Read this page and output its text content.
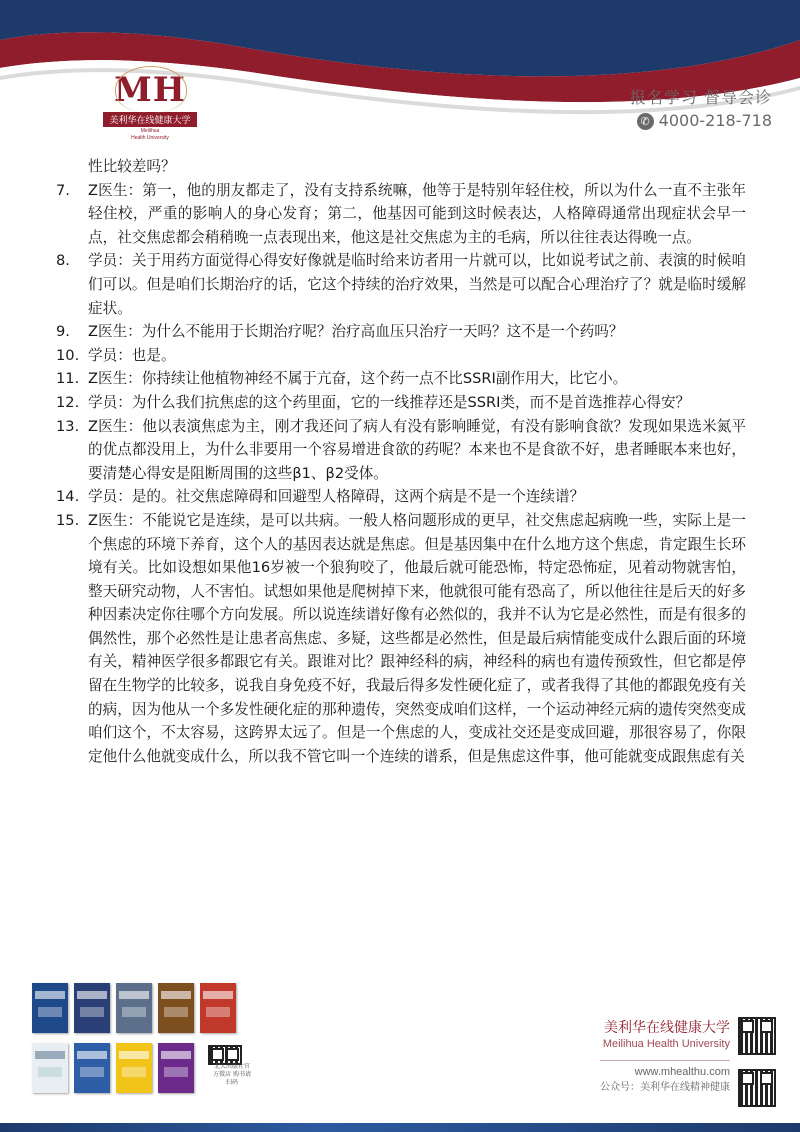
MH
美利华在线健康大学
Meilihua
Health University
报名学习 督导会诊
✆ 4000-218-718
性比较差吗？
7.	Z医生：第一，他的朋友都走了，没有支持系统嘛，他等于是特别年轻住校，所以为什么一直不主张年轻住校，严重的影响人的身心发育；第二，他基因可能到这时候表达，人格障碍通常出现症状会早一点，社交焦虑都会稍稍晚一点表现出来，他这是社交焦虑为主的毛病，所以往往表达得晚一点。
8.	学员：关于用药方面觉得心得安好像就是临时给来访者用一片就可以，比如说考试之前、表演的时候咱们可以。但是咱们长期治疗的话，它这个持续的治疗效果，当然是可以配合心理治疗了？就是临时缓解症状。
9.	Z医生：为什么不能用于长期治疗呢？治疗高血压只治疗一天吗？这不是一个药吗？
10. 学员：也是。
11. Z医生：你持续让他植物神经不属于亢奋，这个药一点不比SSRI副作用大，比它小。
12. 学员：为什么我们抗焦虑的这个药里面，它的一线推荐还是SSRI类，而不是首选推荐心得安？
13. Z医生：他以表演焦虑为主，刚才我还问了病人有没有影响睡觉，有没有影响食欲？发现如果选米氮平的优点都没用上，为什么非要用一个容易增进食欲的药呢？本来也不是食欲不好，患者睡眠本来也好，要清楚心得安是阻断周围的这些β1、β2受体。
14. 学员：是的。社交焦虑障碍和回避型人格障碍，这两个病是不是一个连续谱？
15. Z医生：不能说它是连续，是可以共病。一般人格问题形成的更早，社交焦虑起病晚一些，实际上是一个焦虑的环境下养育，这个人的基因表达就是焦虑。但是基因集中在什么地方这个焦虑，肯定跟生长环境有关。比如设想如果他16岁被一个狼狗咬了，他最后就可能恐怖，特定恐怖症，见着动物就害怕，整天研究动物，人不害怕。试想如果他是爬树掉下来，他就很可能有恐高了，所以他往往是后天的好多种因素决定你往哪个方向发展。所以说连续谱好像有必然似的，我并不认为它是必然性，而是有很多的偶然性，那个必然性是让患者高焦虑、多疑，这些都是必然性，但是最后病情能变成什么跟后面的环境有关，精神医学很多都跟它有关。跟谁对比？跟神经科的病，神经科的病也有遗传预致性，但它都是停留在生物学的比较多，说我自身免疫不好，我最后得多发性硬化症了，或者我得了其他的都跟免疫有关的病，因为他从一个多发性硬化症的那种遗传，突然变成咱们这样，一个运动神经元病的遗传突然变成咱们这个，不太容易，这跨界太远了。但是一个焦虑的人，变成社交还是变成回避，那很容易了，你限定他什么他就变成什么，所以我不管它叫一个连续的谱系，但是焦虑这件事，他可能就变成跟焦虑有关
北大出版社官方微店 购书请扫码
美利华在线健康大学
Meilihua Health University
www.mhealthu.com
公众号：美利华在线精神健康
